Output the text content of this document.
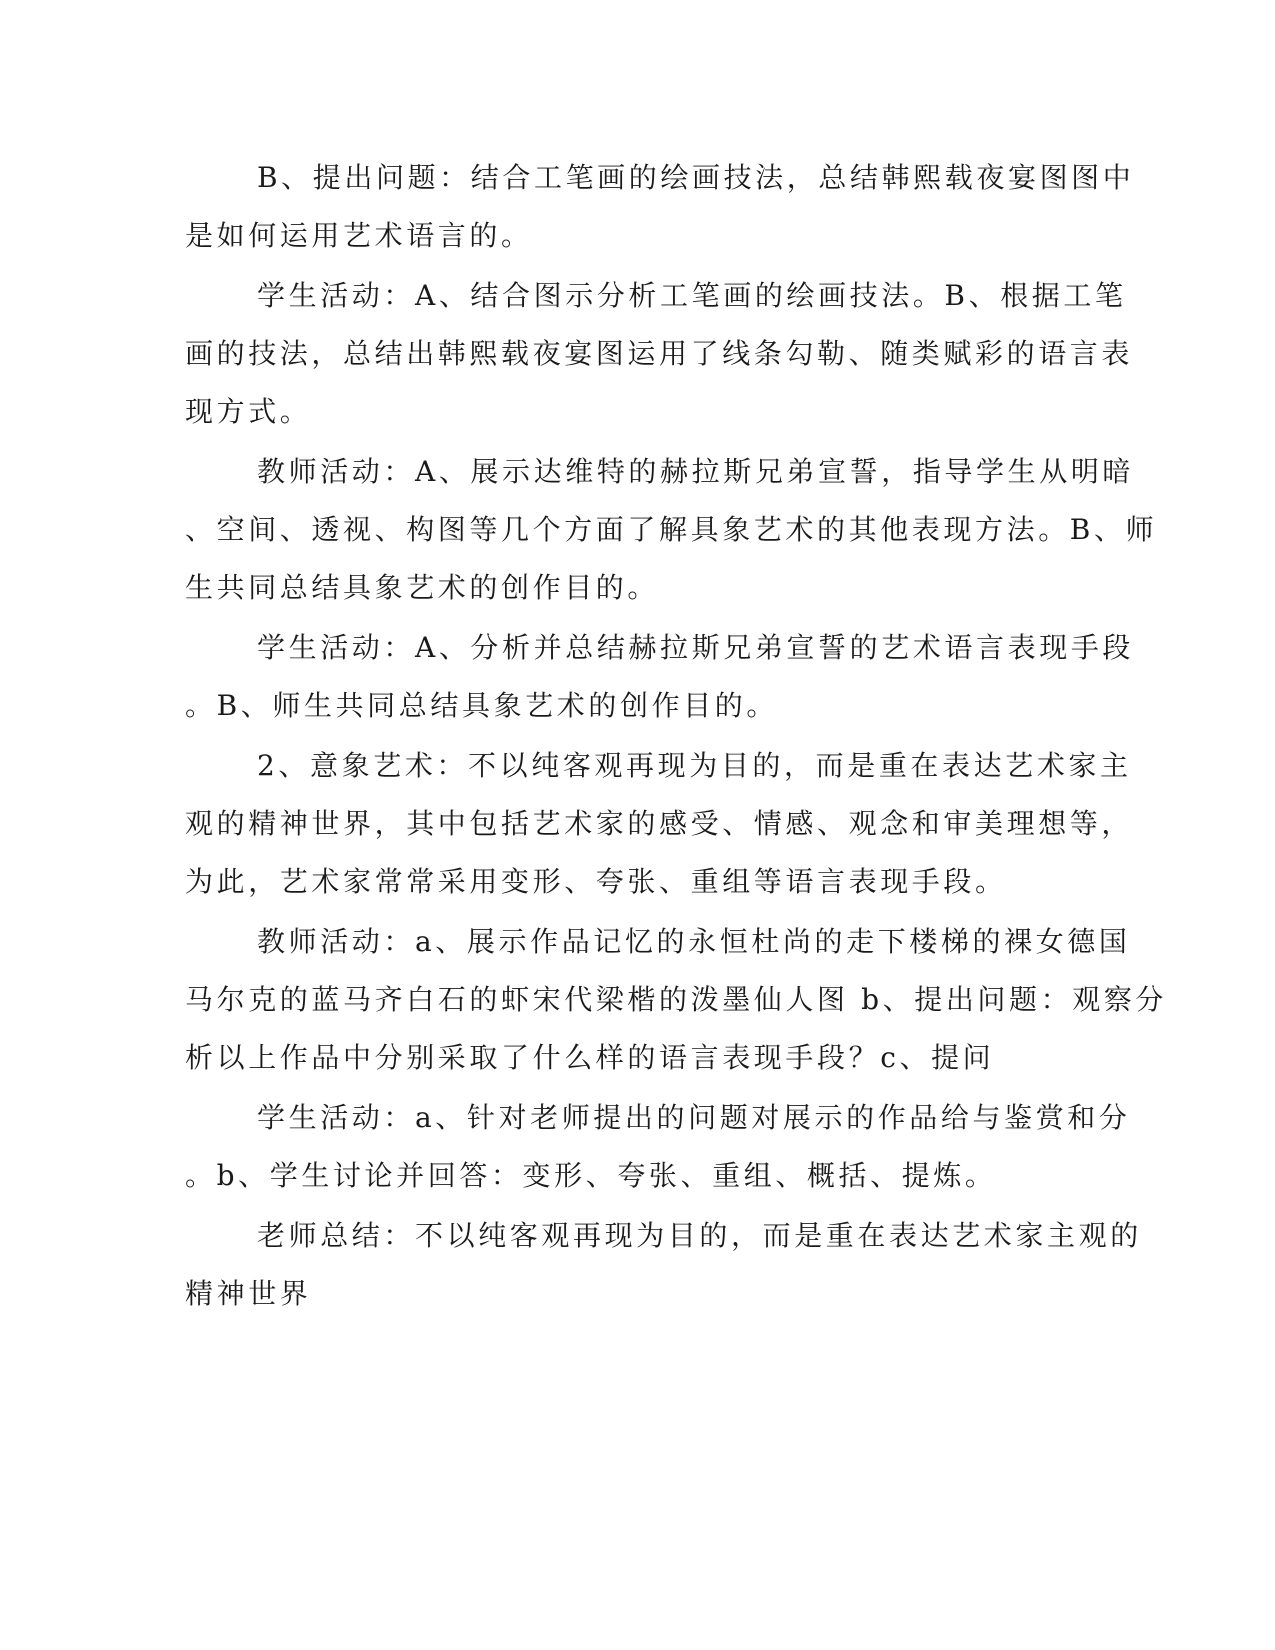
B、提出问题：结合工笔画的绘画技法，总结韩熙载夜宴图图中
是如何运用艺术语言的。
学生活动：A、结合图示分析工笔画的绘画技法。B、根据工笔
画的技法，总结出韩熙载夜宴图运用了线条勾勒、随类赋彩的语言表
现方式。
教师活动：A、展示达维特的赫拉斯兄弟宣誓，指导学生从明暗
、空间、透视、构图等几个方面了解具象艺术的其他表现方法。B、师
生共同总结具象艺术的创作目的。
学生活动：A、分析并总结赫拉斯兄弟宣誓的艺术语言表现手段
。B、师生共同总结具象艺术的创作目的。
2、意象艺术：不以纯客观再现为目的，而是重在表达艺术家主
观的精神世界，其中包括艺术家的感受、情感、观念和审美理想等，
为此，艺术家常常采用变形、夸张、重组等语言表现手段。
教师活动：a、展示作品记忆的永恒杜尚的走下楼梯的裸女德国
马尔克的蓝马齐白石的虾宋代梁楷的泼墨仙人图 b、提出问题：观察分
析以上作品中分别采取了什么样的语言表现手段？c、提问
学生活动：a、针对老师提出的问题对展示的作品给与鉴赏和分
。b、学生讨论并回答：变形、夸张、重组、概括、提炼。
老师总结：不以纯客观再现为目的，而是重在表达艺术家主观的
精神世界
